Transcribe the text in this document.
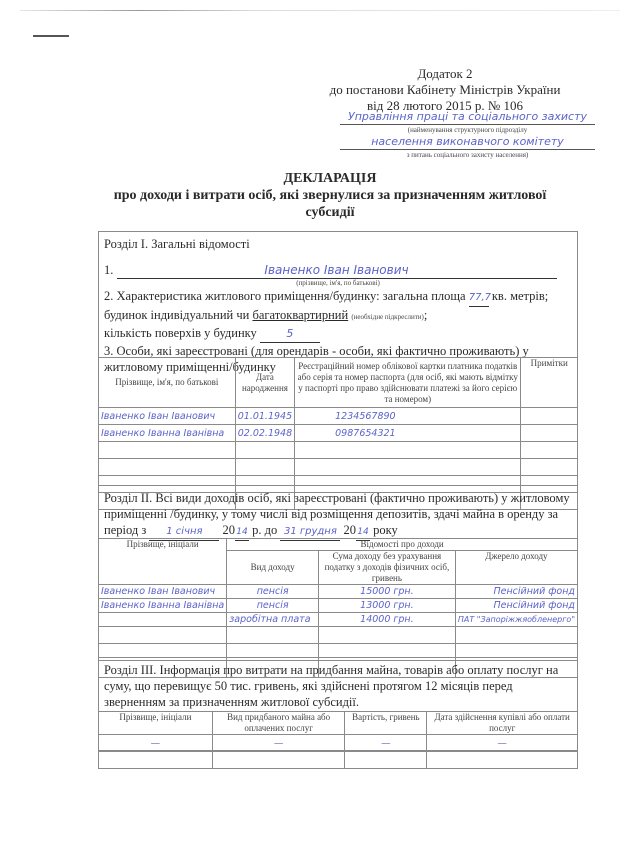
Додаток 2
до постанови Кабінету Міністрів України
від 28 лютого 2015 р. № 106
Управління праці та соціального захисту
(найменування структурного підрозділу
населення виконавчого комітету
з питань соціального захисту населення)
ДЕКЛАРАЦІЯ
про доходи і витрати осіб, які звернулися за призначенням житлової субсидії
Розділ І. Загальні відомості
1.	Іваненко Іван Іванович
(прізвище, ім'я, по батькові)
2. Характеристика житлового приміщення/будинку: загальна площа 77,7 кв. метрів;
будинок індивідуальний чи багатоквартирний (необхідне підкреслити);
кількість поверхів у будинку	5
3. Особи, які зареєстровані (для орендарів - особи, які фактично проживають) у житловому приміщенні/будинку
Прізвище, ім'я, по батькові	Дата народження	Реєстраційний номер облікової картки платника податків або серія та номер паспорта (для осіб, які мають відмітку у паспорті про право здійснювати платежі за його серією та номером)	Примітки
Іваненко Іван Іванович	01.01.1945	1234567890	
Іваненко Іванна Іванівна	02.02.1948	0987654321	

Розділ ІІ. Всі види доходів осіб, які зареєстровані (фактично проживають) у житловому приміщенні /будинку, у тому числі від розміщення депозитів, здачі майна в оренду за період з 1 січня 2014 р. до 31 грудня 2014 року
Прізвище, ініціали	Відомості про доходи		
	Вид доходу	Сума доходу без урахування податку з доходів фізичних осіб, гривень	Джерело доходу
Іваненко Іван Іванович	пенсія	15000 грн.	Пенсійний фонд
Іваненко Іванна Іванівна	пенсія	13000 грн.	Пенсійний фонд
	заробітна плата	14000 грн.	ПАТ "Запоріжжяобленерго"

Розділ ІІІ. Інформація про витрати на придбання майна, товарів або оплату послуг на суму, що перевищує 50 тис. гривень, які здійснені протягом 12 місяців перед зверненням за призначенням житлової субсидії.
Прізвище, ініціали	Вид придбаного майна або оплачених послуг	Вартість, гривень	Дата здійснення купівлі або оплати послуг
—	—	—	—
